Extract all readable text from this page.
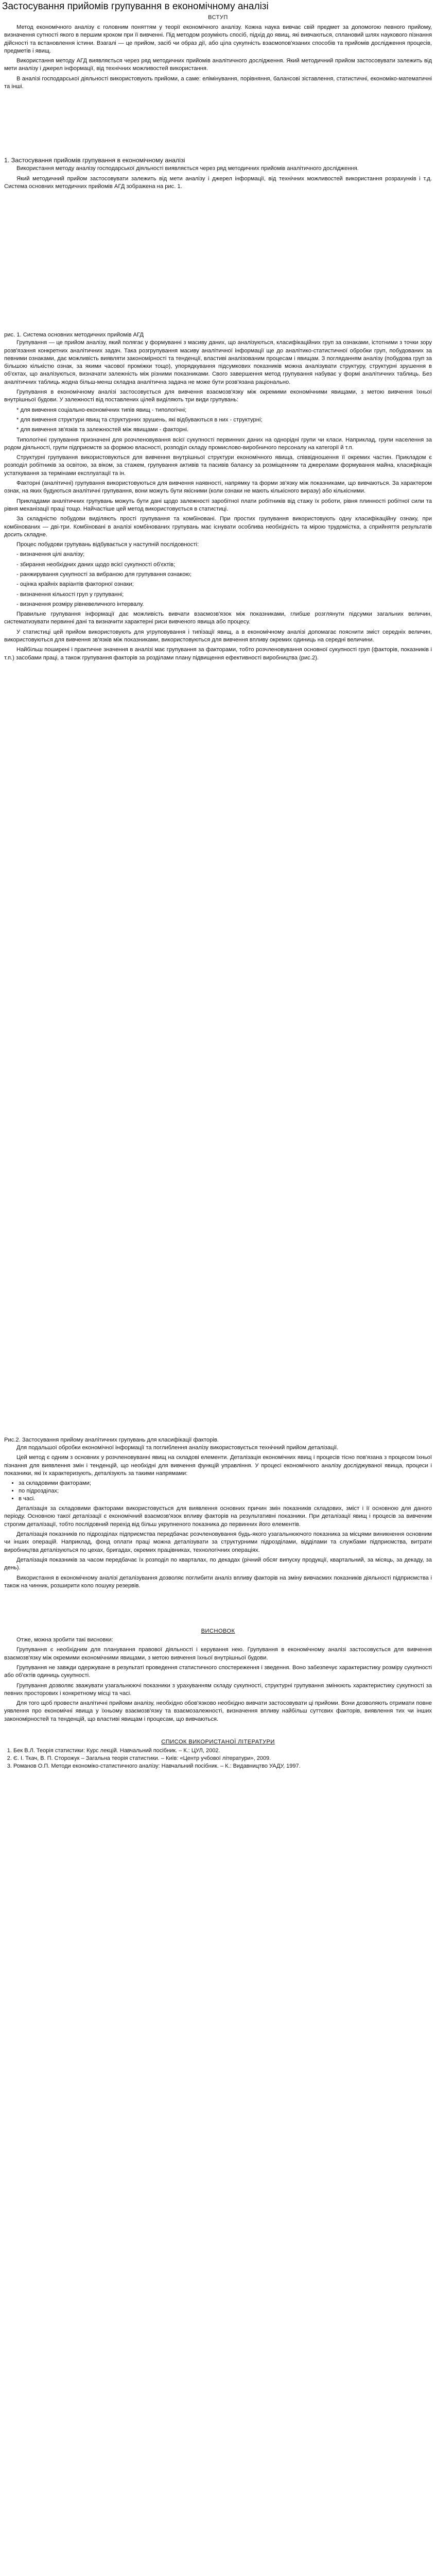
Застосування прийомів групування в економічному аналізі
ВСТУП

Метод економічного аналізу є головним поняттям у теорії економічного аналізу. Кожна наука вивчає свій предмет за допомогою певного прийому, визначення сутності якого в першим кроком при її вивченні. Під методом розуміють спосіб, підхід до явищ, які вивчаються, сплановий шлях наукового пізнання дійсності та встановлення істини. Взагалі — це прийом, засіб чи образ дії, або ціла сукупність взаємопов'язаних способів та прийомів дослідження процесів, предметів і явищ.

Використання методу АГД виявляється через ряд методичних прийомів аналітичного дослідження. Який методичний прийом застосовувати залежить від мети аналізу і джерел інформації, від технічних можливостей використання.

В аналізі господарської діяльності використовують прийоми, а саме: елімінування, порівняння, балансові зіставлення, статистичні, економіко-математичні та інші.

1. Застосування прийомів групування в економічному аналізі

Використання методу аналізу господарської діяльності виявляється через ряд методичних прийомів аналітичного дослідження.

Який методичний прийом застосовувати залежить від мети аналізу і джерел інформації, від технічних можливостей використання розрахунків і т.д. Система основних методичних прийомів АГД зображена на рис. 1.

рис. 1. Система основних методичних прийомів АГД

Групування — це прийом аналізу, який полягає у формуванні з масиву даних, що аналізуються, класифікаційних груп за ознаками, істотними з точки зору розв'язання конкретних аналітичних задач. Така розгрупування масиву аналітичної інформації ще до аналітико-статистичної обробки груп, побудованих за певними ознаками, дає можливість виявляти закономірності та тенденції, властиві аналізованим процесам і явищам. З погляданням аналізу (побудова груп за більшою кількістю ознак, за якими часової проміжки тощо), упорядкування підсумкових показників можна аналізувати структуру, структурні зрушення в об'єктах, що аналізуються, визначати залежність між різними показниками. Свого завершення метод групування набуває у формі аналітичних таблиць. Без аналітичних таблиць жодна більш-менш складна аналітична задача не може бути розв'язана раціонально.

Групування в економічному аналізі застосовується для вивчення взаємозв'язку між окремими економічними явищами, з метою вивчення їхньої внутрішньої будови. У залежності від поставлених цілей виділяють три види групувань:

* для вивчення соціально-економічних типів явищ - типологічні;

* для вивчення структури явищ та структурних зрушень, які відбуваються в них - структурні;

* для вивчення зв'язків та залежностей між явищами - факторні.

Типологічні групування призначені для розчленовування всієї сукупності первинних даних на однорідні групи чи класи. Наприклад, групи населення за родом діяльності, групи підприємств за формою власності, розподіл складу промислово-виробничого персоналу на категорії й т.п.

Структурні групування використовуються для вивчення внутрішньої структури економічного явища, співвідношення її окремих частин. Прикладом є розподіл робітників за освітою, за віком, за стажем, групування активів та пасивів балансу за розміщенням та джерелами формування майна, класифікація устаткування за термінами експлуатації та ін.

Факторні (аналітичні) групування використовуються для вивчення наявності, напрямку та форми зв'язку між показниками, що вивчаються. За характером ознак, на яких будуються аналітичні групування, вони можуть бути якісними (коли ознаки не мають кількісного виразу) або кількісними.

Прикладами аналітичних групувань можуть бути дані щодо залежності заробітної плати робітників від стажу їх роботи, рівня плинності робітної сили та рівня механізації праці тощо. Найчастіше цей метод використовується в статистиці.

За складністю побудови виділяють прості групування та комбіновані. При простих групування використовують одну класифікаційну ознаку, при комбінованих — дві-три. Комбіновані в аналізі комбінованих групувань має існувати особлива необхідність та мірою трудомістка, а сприйняття результатів досить складне.

Процес побудови групувань відбувається у наступній послідовності:

- визначення цілі аналізу;

- збирання необхідних даних щодо всієї сукупності об'єктів;

- ранжирування сукупності за вибраною для групування ознакою;

- оцінка крайніх варіантів факторної ознаки;

- визначення кількості груп у групуванні;

- визначення розміру рівневеличного інтервалу.

Правильне групування інформації дає можливість вивчати взаємозв'язок між показниками, глибше розглянути підсумки загальних величин, систематизувати первинні дані та визначити характерні риси вивченого явища або процесу.

У статистиці цей прийом використовують для угруповування і типізації явищ, а в економічному аналізі допомагає пояснити зміст середніх величин, використовуються для вивчення зв'язків між показниками, використовуються для вивчення впливу окремих одиниць на середні величини.

Найбільш поширені і практичне значення в аналізі має групування за факторами, тобто розчленовування основної сукупності груп (факторів, показників і т.п.) засобами праці, а також групування факторів за розділами плану підвищення ефективності виробництва (рис.2).

Рис.2. Застосування прийому аналітичних групувань для класифікації факторів.

Для подальшої обробки економічної інформації та поглиблення аналізу використовується технічний прийом деталізації.

Цей метод є одним з основних у розчленовуванні явищ на складові елементи. Деталізація економічних явищ і процесів тісно пов'язана з процесом їхньої пізнання для виявлення змін і тенденцій, що необхідні для вивчення функцій управління. У процесі економічного аналізу досліджуваної явища, процеси і показники, які їх характеризують, деталізують за такими напрямами:

• за складовими факторами;
• по підрозділах;
• в часі.

Деталізація за складовими факторами використовується для виявлення основних причин змін показників складових, зміст і її основною для даного періоду. Основною такої деталізації є економічний взаємозв'язок впливу факторів на результативні показники. При деталізації явищ і процесів за вивченим строгим деталізації, тобто послідовний перехід від більш укрупненого показника до первинних його елементів.

Деталізація показників по підрозділах підприємства передбачає розчленовування будь-якого узагальнюючого показника за місцями виникнення основним чи інших операцій. Наприклад, фонд оплати праці можна деталізувати за структурними підрозділами, відділами та службами підприємства, витрати виробництва деталізуються по цехах, бригадах, окремих працівниках, технологічних операціях.

Деталізація показників за часом передбачає їх розподіл по кварталах, по декадах (річний обсяг випуску продукції, квартальний, за місяць, за декаду, за день).

Використання в економічному аналізі деталізування дозволяє поглибити аналіз впливу факторів на зміну вивчаємих показників діяльності підприємства і також на чинник, розширити коло пошуку резервів.

ВИСНОВОК

Отже, можна зробити такі висновки:

Групування є необхідним для планування правової діяльності і керування нею. Групування в економічному аналізі застосовується для вивчення взаємозв'язку між окремими економічними явищами, з метою вивчення їхньої внутрішньої будови.

Групування не завжди одержуване в результаті проведення статистичного спостереження і зведення. Воно забезпечує характеристику розміру сукупності або об'єктів одиниць сукупності.

Групування дозволяє зважувати узагальнюючі показники з урахуванням складу сукупності, структурні групування змінюють характеристику сукупності за певних просторових і конкретному місці та часі.

Для того щоб провести аналітичні прийоми аналізу, необхідно обов'язково необхідно вивчати застосовувати ці прийоми. Вони дозволяють отримати повне уявлення про економічні явища у їхньому взаємозв'язку та взаємозалежності, визначення впливу найбільш суттєвих факторів, виявлення тих чи інших закономірностей та тенденцій, що властиві явищам і процесам, що вивчаються.

СПИСОК ВИКОРИСТАНОЇ ЛІТЕРАТУРИ
1. Бек В.Л. Теорія статистики: Курс лекцій. Навчальний посібник. – К.: ЦУЛ, 2002.
2. Є. І. Ткач, В. П. Сторожук – Загальна теорія статистики. – Київ: «Центр учбової літератури», 2009.
3. Романов О.П. Методи економіко-статистичного аналізу: Навчальний посібник. – К.: Видавництво УАДУ, 1997.
